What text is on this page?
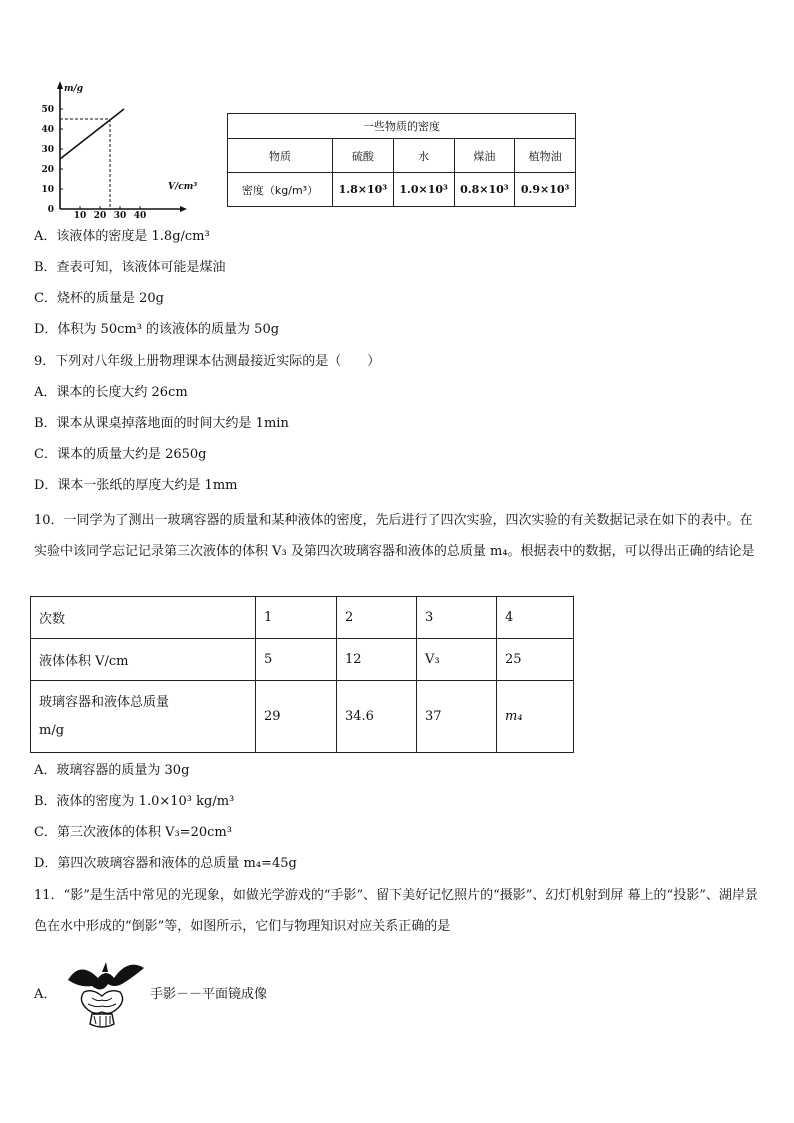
m/g
V/cm³
10 20 30 40
0
10
20
30
40
50
一些物质的密度				
物质	硫酸	水	煤油	植物油
密度（kg/m³）	1.8×10³	1.0×10³	0.8×10³	0.9×10³
A．该液体的密度是 1.8g/cm³
B．查表可知，该液体可能是煤油
C．烧杯的质量是 20g
D．体积为 50cm³ 的该液体的质量为 50g
9．下列对八年级上册物理课本估测最接近实际的是（　　）
A．课本的长度大约 26cm
B．课本从课桌掉落地面的时间大约是 1min
C．课本的质量大约是 2650g
D．课本一张纸的厚度大约是 1mm
10．一同学为了测出一玻璃容器的质量和某种液体的密度，先后进行了四次实验，四次实验的有关数据记录在如下的表中。在实验中该同学忘记记录第三次液体的体积 V₃ 及第四次玻璃容器和液体的总质量 m₄。根据表中的数据，可以得出正确的结论是
次数	1	2	3	4
液体体积 V/cm	5	12	V₃	25
玻璃容器和液体总质量 m/g	29	34.6	37	m₄
A．玻璃容器的质量为 30g
B．液体的密度为 1.0×10³ kg/m³
C．第三次液体的体积 V₃=20cm³
D．第四次玻璃容器和液体的总质量 m₄=45g
11．“影”是生活中常见的光现象，如做光学游戏的“手影”、留下美好记忆照片的“摄影”、幻灯机射到屏 幕上的“投影”、湖岸景色在水中形成的“倒影”等，如图所示，它们与物理知识对应关系正确的是
A．	手影－－平面镜成像
